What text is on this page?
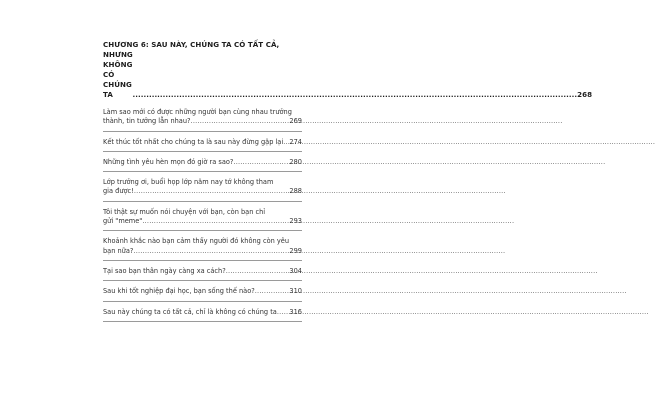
CHƯƠNG 6: SAU NÀY, CHÚNG TA CÓ TẤT CẢ, NHƯNG
KHÔNG CÓ CHÚNG TA .....	268
Làm sao mới có được những người bạn cùng nhau trưởng
thành, tin tưởng lẫn nhau? .....	269
Kết thúc tốt nhất cho chúng ta là sau này đừng gặp lại ..... 274
Những tình yêu hèn mọn đó giờ ra sao? .....	280
Lớp trưởng ơi, buổi họp lớp năm nay tớ không tham
gia được! .....	288
Tôi thật sự muốn nói chuyện với bạn, còn bạn chỉ
gửi "meme" .....	293
Khoảnh khắc nào bạn cảm thấy người đó không còn yêu
bạn nữa? .....	299
Tại sao bạn thân ngày càng xa cách? .....	304
Sau khi tốt nghiệp đại học, bạn sống thế nào? .....	310
Sau này chúng ta có tất cả, chỉ là không có chúng ta ..... 316
